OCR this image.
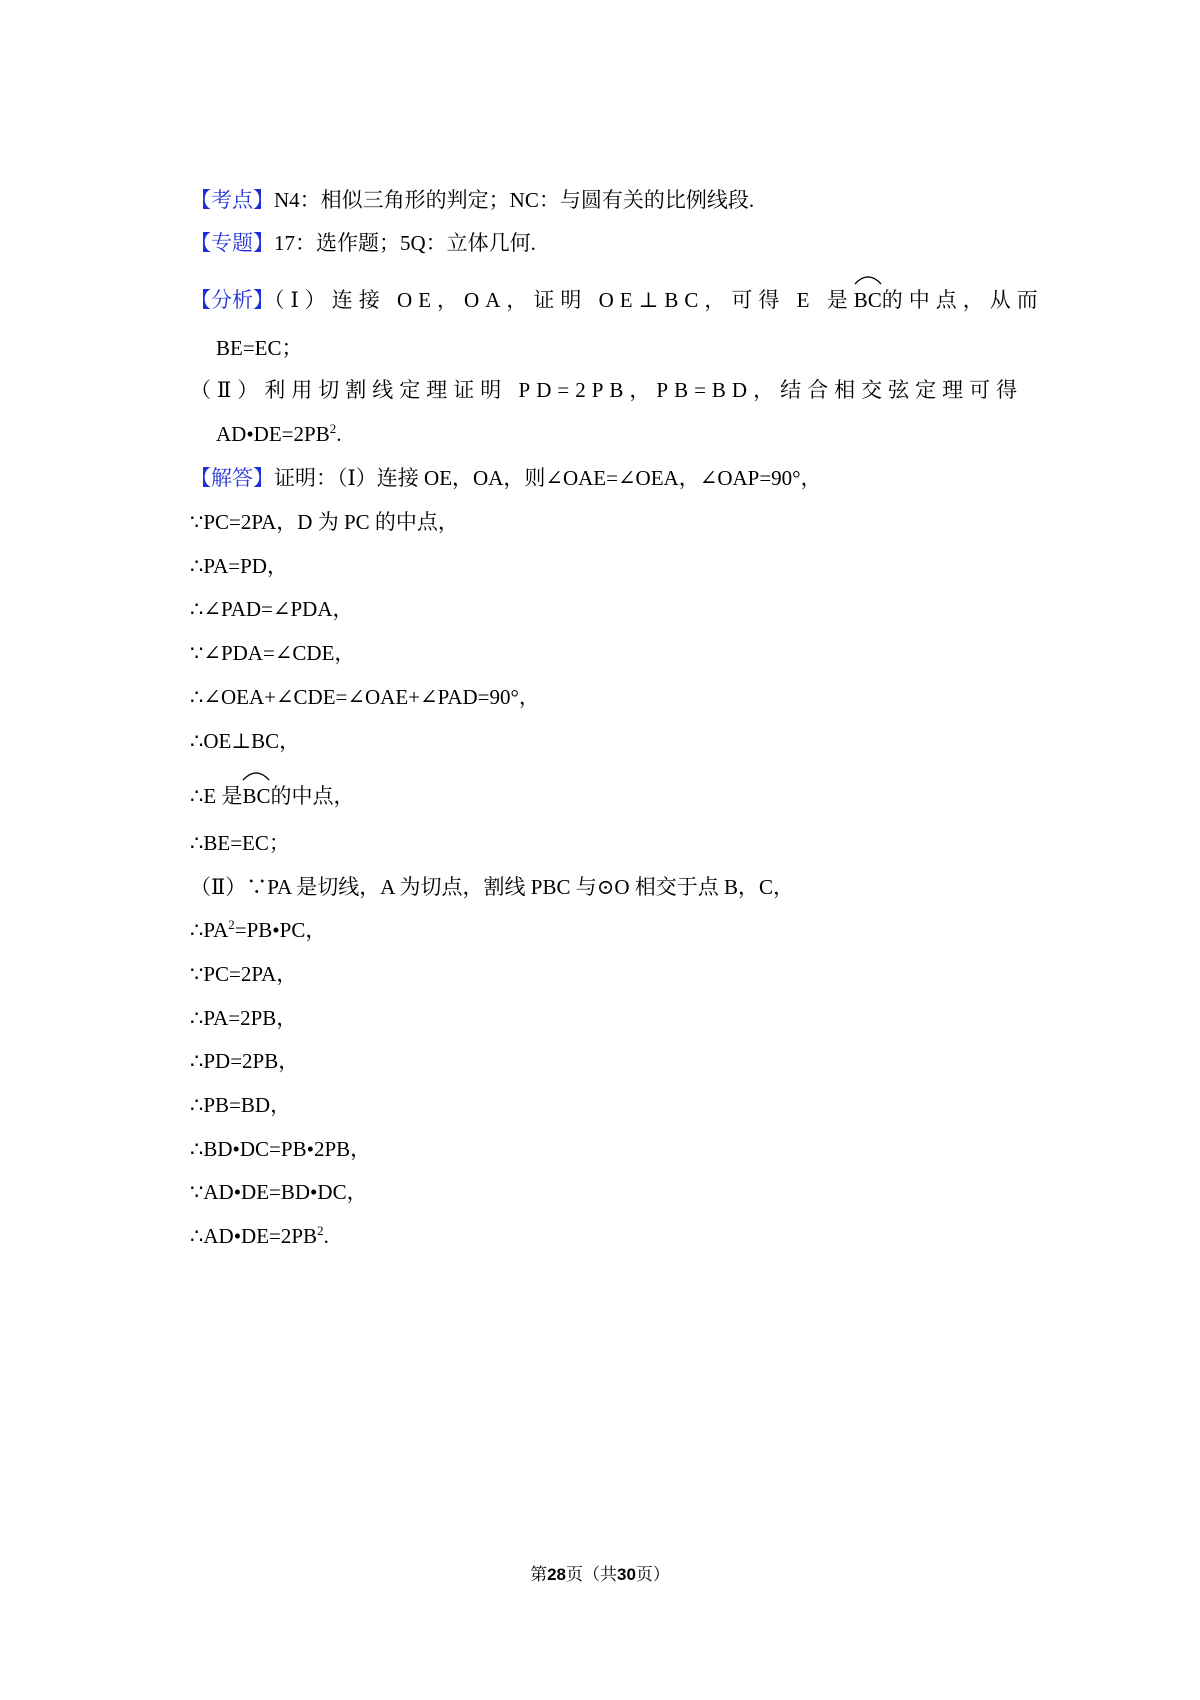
【考点】N4：相似三角形的判定；NC：与圆有关的比例线段.
【专题】17：选作题；5Q：立体几何.
【分析】（Ⅰ）连接 OE，OA，证明 OE⊥BC，可得 E 是
BC的中点，从而
BE=EC；
（Ⅱ）利用切割线定理证明 PD=2PB，PB=BD，结合相交弦定理可得
$AD•DE=2PB^2$.
【解答】证明：（Ⅰ）连接 OE，OA，则∠OAE=∠OEA，∠OAP=90°，
∵PC=2PA，D 为 PC 的中点，
∴PA=PD，
∴∠PAD=∠PDA，
∵∠PDA=∠CDE，
∴∠OEA+∠CDE=∠OAE+∠PAD=90°，
∴OE⊥BC，
∴E 是
BC的中点，
∴BE=EC；
（Ⅱ）∵PA 是切线，A 为切点，割线 PBC 与⊙O 相交于点 B，C，
$\therefore PA^2=PB•PC$，
∵PC=2PA，
∴PA=2PB，
∴PD=2PB，
∴PB=BD，
∴BD•DC=PB•2PB，
∵AD•DE=BD•DC，
$\therefore AD•DE=2PB^2$.
第28页（共30页）
